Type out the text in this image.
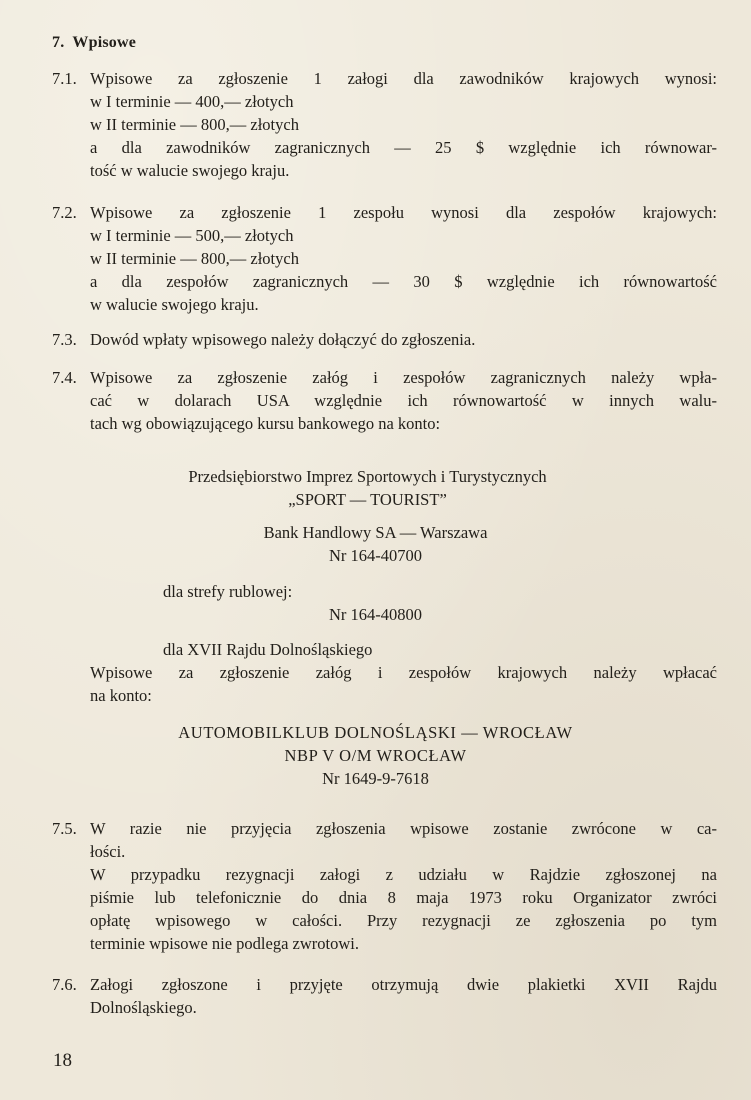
7. Wpisowe
7.1. Wpisowe za zgłoszenie 1 załogi dla zawodników krajowych wynosi:
w I terminie — 400,— złotych
w II terminie — 800,— złotych
a dla zawodników zagranicznych — 25 $ względnie ich równowar-
tość w walucie swojego kraju.
7.2. Wpisowe za zgłoszenie 1 zespołu wynosi dla zespołów krajowych:
w I terminie — 500,— złotych
w II terminie — 800,— złotych
a dla zespołów zagranicznych — 30 $ względnie ich równowartość
w walucie swojego kraju.
7.3. Dowód wpłaty wpisowego należy dołączyć do zgłoszenia.
7.4. Wpisowe za zgłoszenie załóg i zespołów zagranicznych należy wpła-
cać w dolarach USA względnie ich równowartość w innych walu-
tach wg obowiązującego kursu bankowego na konto:
Przedsiębiorstwo Imprez Sportowych i Turystycznych
„SPORT — TOURIST”
Bank Handlowy SA — Warszawa
Nr 164-40700
dla strefy rublowej:
Nr 164-40800
dla XVII Rajdu Dolnośląskiego
Wpisowe za zgłoszenie załóg i zespołów krajowych należy wpłacać
na konto:
AUTOMOBILKLUB DOLNOŚLĄSKI — WROCŁAW
NBP V O/M WROCŁAW
Nr 1649-9-7618
7.5. W razie nie przyjęcia zgłoszenia wpisowe zostanie zwrócone w ca-
łości.
W przypadku rezygnacji załogi z udziału w Rajdzie zgłoszonej na
piśmie lub telefonicznie do dnia 8 maja 1973 roku Organizator zwróci
opłatę wpisowego w całości. Przy rezygnacji ze zgłoszenia po tym
terminie wpisowe nie podlega zwrotowi.
7.6. Załogi zgłoszone i przyjęte otrzymują dwie plakietki XVII Rajdu
Dolnośląskiego.
18
